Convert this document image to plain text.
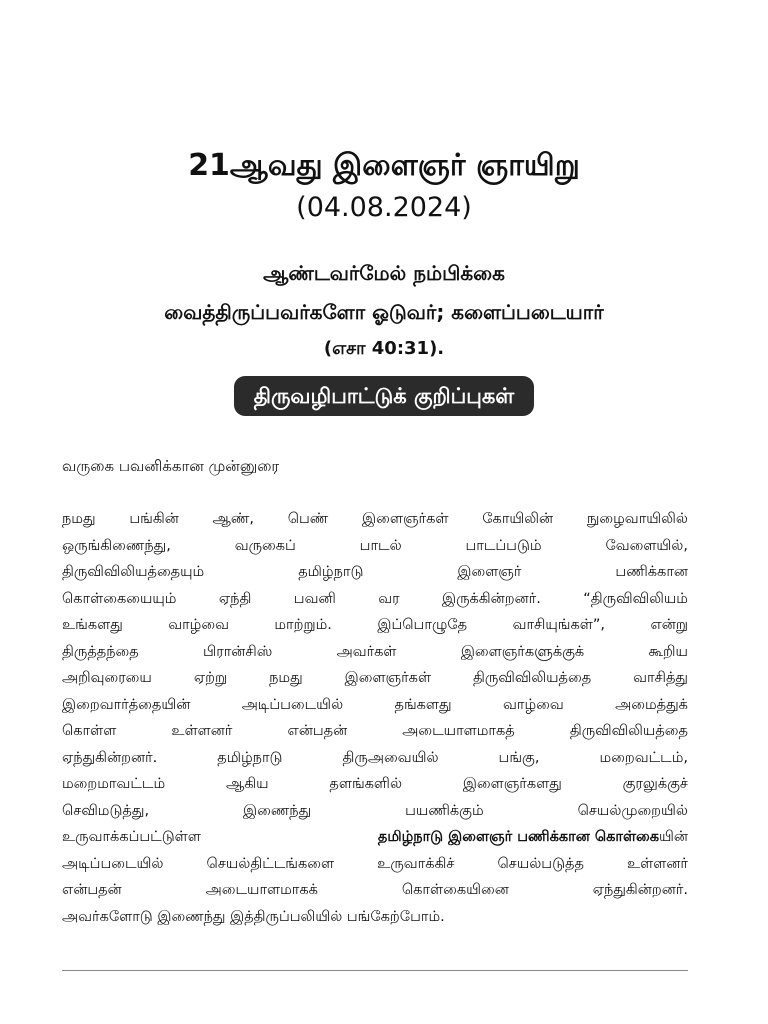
21ஆவது இளைஞர் ஞாயிறு
(04.08.2024)
ஆண்டவர்மேல் நம்பிக்கை
வைத்திருப்பவர்களோ ஓடுவர்; களைப்படையார்
(எசா 40:31).
திருவழிபாட்டுக் குறிப்புகள்
வருகை பவனிக்கான முன்னுரை
நமது பங்கின் ஆண், பெண் இளைஞர்கள் கோயிலின் நுழைவாயிலில்
ஒருங்கிணைந்து,	வருகைப்	பாடல்	பாடப்படும்	வேளையில்,
திருவிவிலியத்தையும்	தமிழ்நாடு	இளைஞர்	பணிக்கான
கொள்கையையும்	ஏந்தி	பவனி	வர	இருக்கின்றனர்.	“திருவிவிலியம்
உங்களது	வாழ்வை	மாற்றும்.	இப்பொழுதே	வாசியுங்கள்”,	என்று
திருத்தந்தை	பிரான்சிஸ்	அவர்கள்	இளைஞர்களுக்குக்	கூறிய
அறிவுரையை	ஏற்று	நமது	இளைஞர்கள்	திருவிவிலியத்தை	வாசித்து
இறைவார்த்தையின்	அடிப்படையில்	தங்களது	வாழ்வை	அமைத்துக்
கொள்ள	உள்ளனர்	என்பதன்	அடையாளமாகத்	திருவிவிலியத்தை
ஏந்துகின்றனர்.	தமிழ்நாடு	திருஅவையில்	பங்கு,	மறைவட்டம்,
மறைமாவட்டம்	ஆகிய	தளங்களில்	இளைஞர்களது	குரலுக்குச்
செவிமடுத்து,	இணைந்து	பயணிக்கும்	செயல்முறையில்
உருவாக்கப்பட்டுள்ள	தமிழ்நாடு இளைஞர் பணிக்கான கொள்கையின்
அடிப்படையில்	செயல்திட்டங்களை	உருவாக்கிச்	செயல்படுத்த	உள்ளனர்
என்பதன்	அடையாளமாகக்	கொள்கையினை	ஏந்துகின்றனர்.
அவர்களோடு இணைந்து இத்திருப்பலியில் பங்கேற்போம்.
